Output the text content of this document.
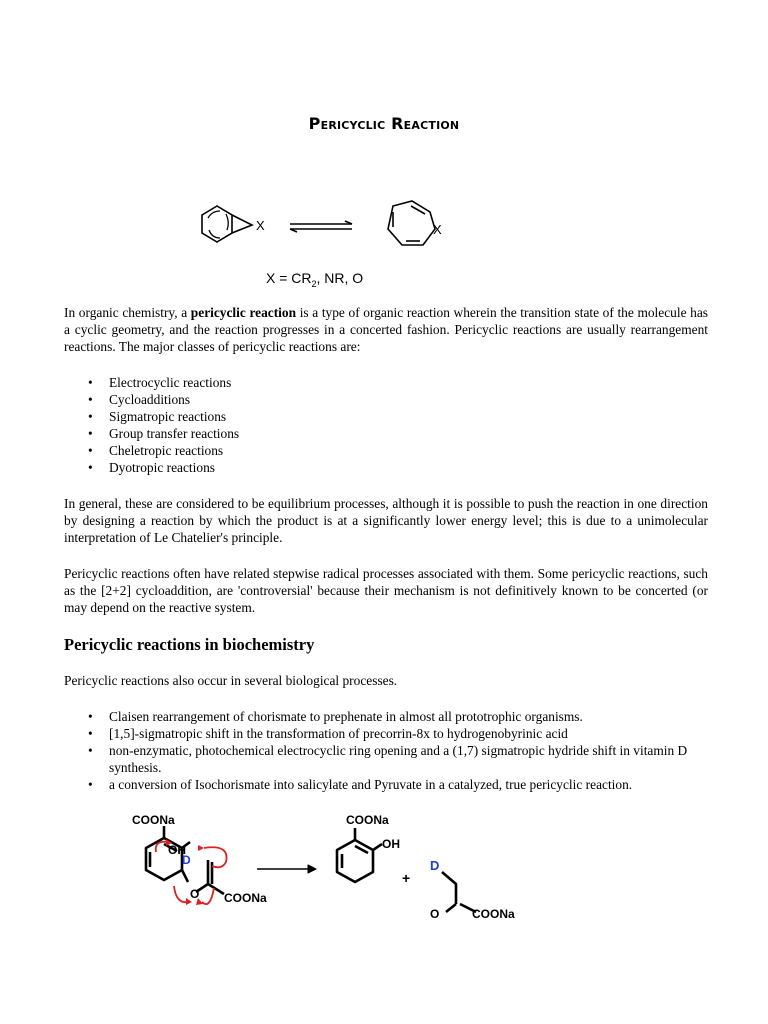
Pericyclic Reaction
X	X
$X = CR_2$, NR, O

In organic chemistry, a pericyclic reaction is a type of organic reaction wherein the transition state of the molecule has a cyclic geometry, and the reaction progresses in a concerted fashion. Pericyclic reactions are usually rearrangement reactions. The major classes of pericyclic reactions are:

• Electrocyclic reactions
• Cycloadditions
• Sigmatropic reactions
• Group transfer reactions
• Cheletropic reactions
• Dyotropic reactions

In general, these are considered to be equilibrium processes, although it is possible to push the reaction in one direction by designing a reaction by which the product is at a significantly lower energy level; this is due to a unimolecular interpretation of Le Chatelier's principle.

Pericyclic reactions often have related stepwise radical processes associated with them. Some pericyclic reactions, such as the [2+2] cycloaddition, are 'controversial' because their mechanism is not definitively known to be concerted (or may depend on the reactive system.

Pericyclic reactions in biochemistry

Pericyclic reactions also occur in several biological processes.

• Claisen rearrangement of chorismate to prephenate in almost all prototrophic organisms.
• [1,5]-sigmatropic shift in the transformation of precorrin-8x to hydrogenobyrinic acid
• non-enzymatic, photochemical electrocyclic ring opening and a (1,7) sigmatropic hydride shift in vitamin D synthesis.
• a conversion of Isochorismate into salicylate and Pyruvate in a catalyzed, true pericyclic reaction.
COONa
OH
D
O COONa
COONa
OH
+
D
O	COONa
